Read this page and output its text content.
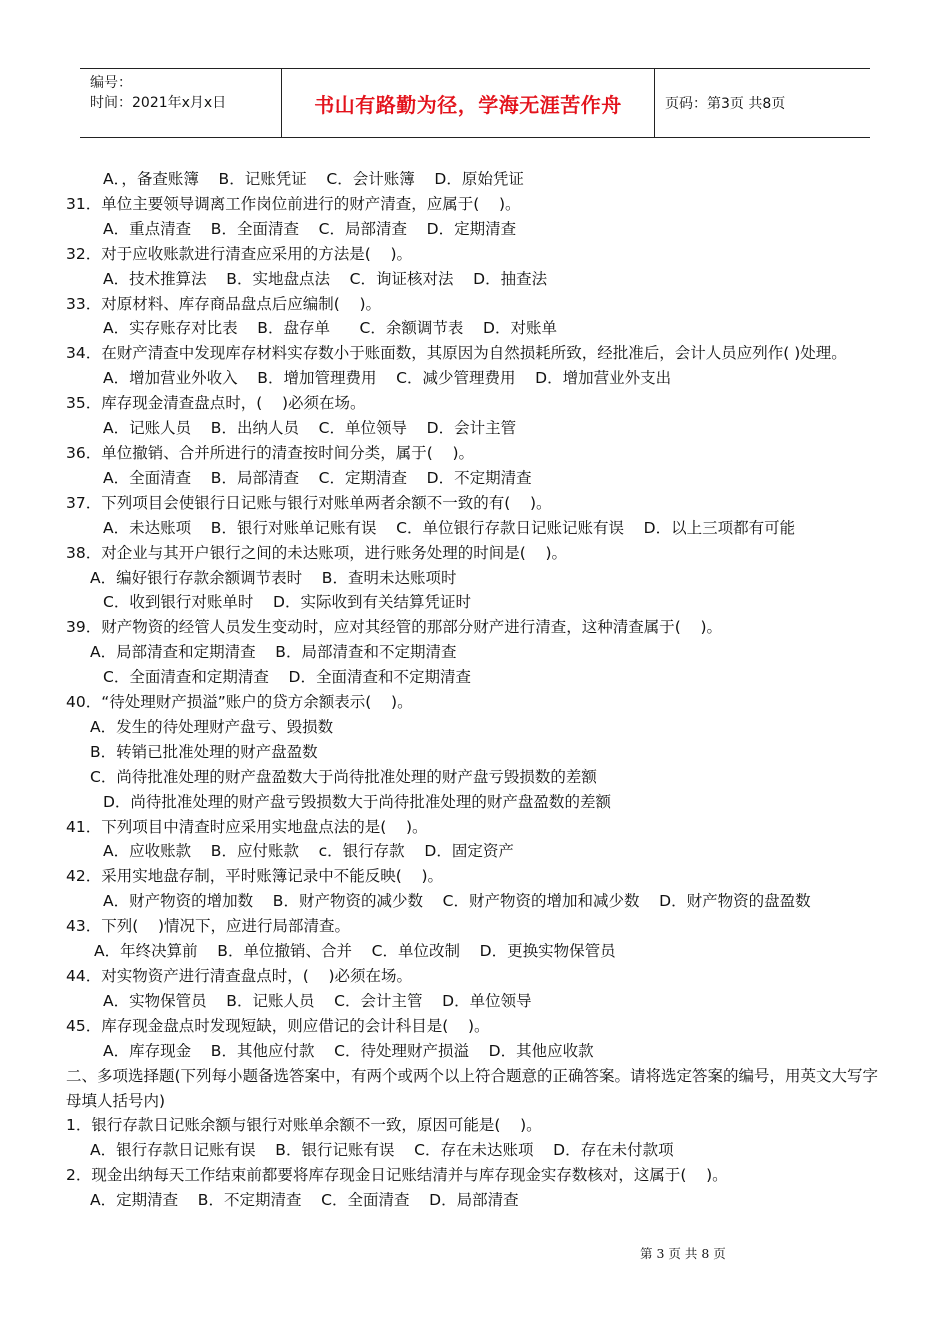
编号：
时间：2021年x月x日	书山有路勤为径，学海无涯苦作舟	页码：第3页 共8页
A．，备查账簿    B．记账凭证    C．会计账簿    D．原始凭证
31．单位主要领导调离工作岗位前进行的财产清查，应属于(    )。
A．重点清查    B．全面清查    C．局部清查    D．定期清查
32．对于应收账款进行清查应采用的方法是(    )。
A．技术推算法    B．实地盘点法    C．询证核对法    D．抽查法
33．对原材料、库存商品盘点后应编制(    )。
A．实存账存对比表    B．盘存单      C．余额调节表    D．对账单
34．在财产清查中发现库存材料实存数小于账面数，其原因为自然损耗所致，经批准后，会计人员应列作( )处理。
A．增加营业外收入    B．增加管理费用    C．减少管理费用    D．增加营业外支出
35．库存现金清查盘点时，(    )必须在场。
A．记账人员    B．出纳人员    C．单位领导    D．会计主管
36．单位撤销、合并所进行的清查按时间分类，属于(    )。
A．全面清查    B．局部清查    C．定期清查    D．不定期清查
37．下列项目会使银行日记账与银行对账单两者余额不一致的有(    )。
A．未达账项    B．银行对账单记账有误    C．单位银行存款日记账记账有误    D．以上三项都有可能
38．对企业与其开户银行之间的未达账项，进行账务处理的时间是(    )。
A．编好银行存款余额调节表时    B．查明未达账项时
C．收到银行对账单时    D．实际收到有关结算凭证时
39．财产物资的经管人员发生变动时，应对其经管的那部分财产进行清查，这种清查属于(    )。
A．局部清查和定期清查    B．局部清查和不定期清查
C．全面清查和定期清查    D．全面清查和不定期清查
40．“待处理财产损溢”账户的贷方余额表示(    )。
A．发生的待处理财产盘亏、毁损数
B．转销已批准处理的财产盘盈数
C．尚待批准处理的财产盘盈数大于尚待批准处理的财产盘亏毁损数的差额
D．尚待批准处理的财产盘亏毁损数大于尚待批准处理的财产盘盈数的差额
41．下列项目中清查时应采用实地盘点法的是(    )。
A．应收账款    B．应付账款    c．银行存款    D．固定资产
42．采用实地盘存制，平时账簿记录中不能反映(    )。
A．财产物资的增加数    B．财产物资的减少数    C．财产物资的增加和减少数    D．财产物资的盘盈数
43．下列(    )情况下，应进行局部清查。
A．年终决算前    B．单位撤销、合并    C．单位改制    D．更换实物保管员
44．对实物资产进行清查盘点时，(    )必须在场。
A．实物保管员    B．记账人员    C．会计主管    D．单位领导
45．库存现金盘点时发现短缺，则应借记的会计科目是(    )。
A．库存现金    B．其他应付款    C．待处理财产损溢    D．其他应收款
二、多项选择题(下列每小题备选答案中，有两个或两个以上符合题意的正确答案。请将选定答案的编号，用英文大写字母填人括号内)
1．银行存款日记账余额与银行对账单余额不一致，原因可能是(    )。
A．银行存款日记账有误    B．银行记账有误    C．存在未达账项    D．存在未付款项
2．现金出纳每天工作结束前都要将库存现金日记账结清并与库存现金实存数核对，这属于(    )。
A．定期清查    B．不定期清查    C．全面清查    D．局部清查
第 3 页 共 8 页
